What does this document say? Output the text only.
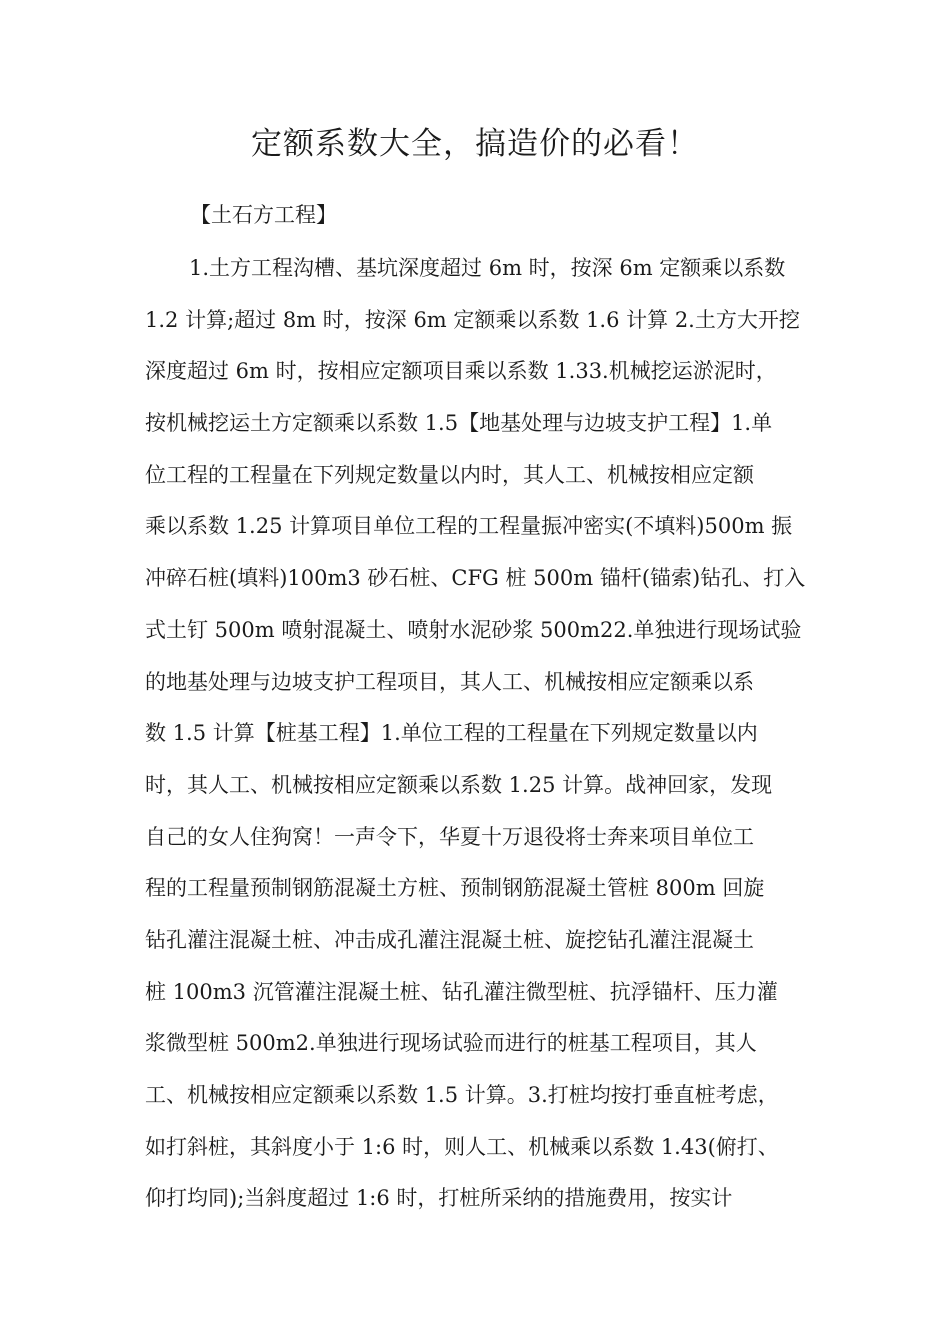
定额系数大全，搞造价的必看！

【土石方工程】

1.土方工程沟槽、基坑深度超过 6m 时，按深 6m 定额乘以系数
1.2 计算;超过 8m 时，按深 6m 定额乘以系数 1.6 计算 2.土方大开挖
深度超过 6m 时，按相应定额项目乘以系数 1.33.机械挖运淤泥时，
按机械挖运土方定额乘以系数 1.5【地基处理与边坡支护工程】1.单
位工程的工程量在下列规定数量以内时，其人工、机械按相应定额
乘以系数 1.25 计算项目单位工程的工程量振冲密实(不填料)500m 振
冲碎石桩(填料)100m3 砂石桩、CFG 桩 500m 锚杆(锚索)钻孔、打入
式土钉 500m 喷射混凝土、喷射水泥砂浆 500m22.单独进行现场试验
的地基处理与边坡支护工程项目，其人工、机械按相应定额乘以系
数 1.5 计算【桩基工程】1.单位工程的工程量在下列规定数量以内
时，其人工、机械按相应定额乘以系数 1.25 计算。战神回家，发现
自己的女人住狗窝！一声令下，华夏十万退役将士奔来项目单位工
程的工程量预制钢筋混凝土方桩、预制钢筋混凝土管桩 800m 回旋
钻孔灌注混凝土桩、冲击成孔灌注混凝土桩、旋挖钻孔灌注混凝土
桩 100m3 沉管灌注混凝土桩、钻孔灌注微型桩、抗浮锚杆、压力灌
浆微型桩 500m2.单独进行现场试验而进行的桩基工程项目，其人
工、机械按相应定额乘以系数 1.5 计算。3.打桩均按打垂直桩考虑，
如打斜桩，其斜度小于 1:6 时，则人工、机械乘以系数 1.43(俯打、
仰打均同);当斜度超过 1:6 时，打桩所采纳的措施费用，按实计
